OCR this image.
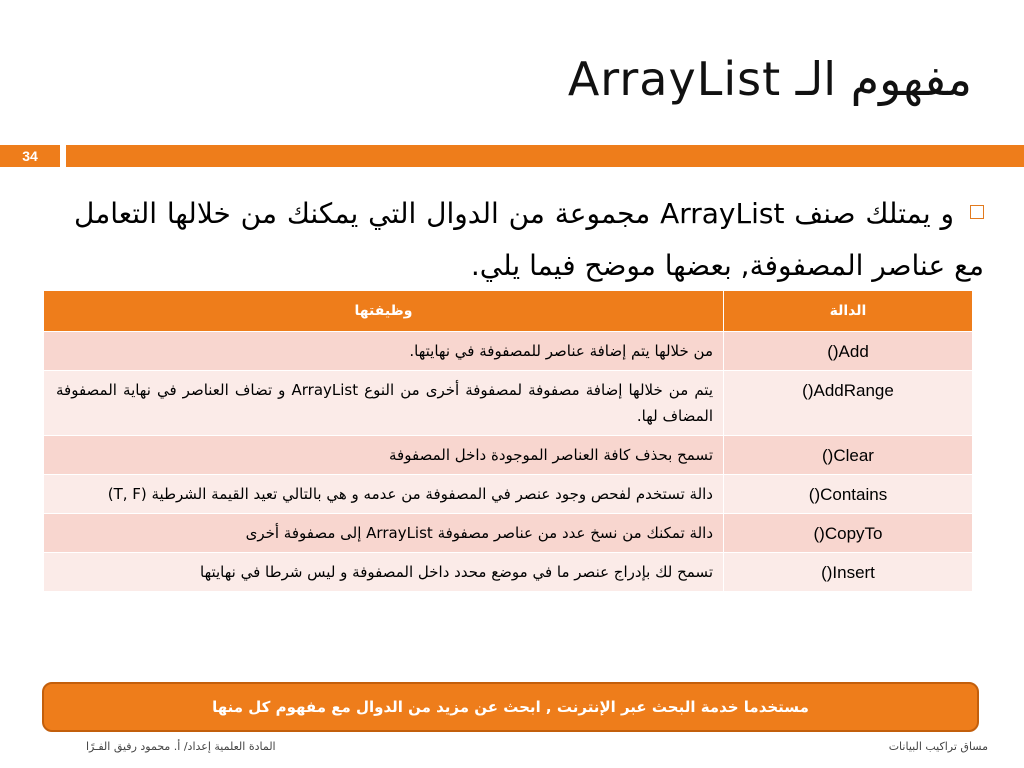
مفهوم الـ ArrayList
34
و يمتلك صنف ArrayList مجموعة من الدوال التي يمكنك من خلالها التعامل مع عناصر المصفوفة, بعضها موضح فيما يلي.
الدالة	وظيفتها
Add()	من خلالها يتم إضافة عناصر للمصفوفة في نهايتها.
AddRange()	يتم من خلالها إضافة مصفوفة لمصفوفة أخرى من النوع ArrayList و تضاف العناصر في نهاية المصفوفة المضاف لها.
Clear()	تسمح بحذف كافة العناصر الموجودة داخل المصفوفة
Contains()	دالة تستخدم لفحص وجود عنصر في المصفوفة من عدمه و هي بالتالي تعيد القيمة الشرطية (T, F)
CopyTo()	دالة تمكنك من نسخ عدد من عناصر مصفوفة ArrayList إلى مصفوفة أخرى
Insert()	تسمح لك بإدراج عنصر ما في موضع محدد داخل المصفوفة و ليس شرطا في نهايتها
مستخدما خدمة البحث عبر الإنترنت , ابحث عن مزيد من الدوال مع مفهوم كل منها
مساق تراكيب البيانات
المادة العلمية إعداد/ أ. محمود رفيق الفـرًا
